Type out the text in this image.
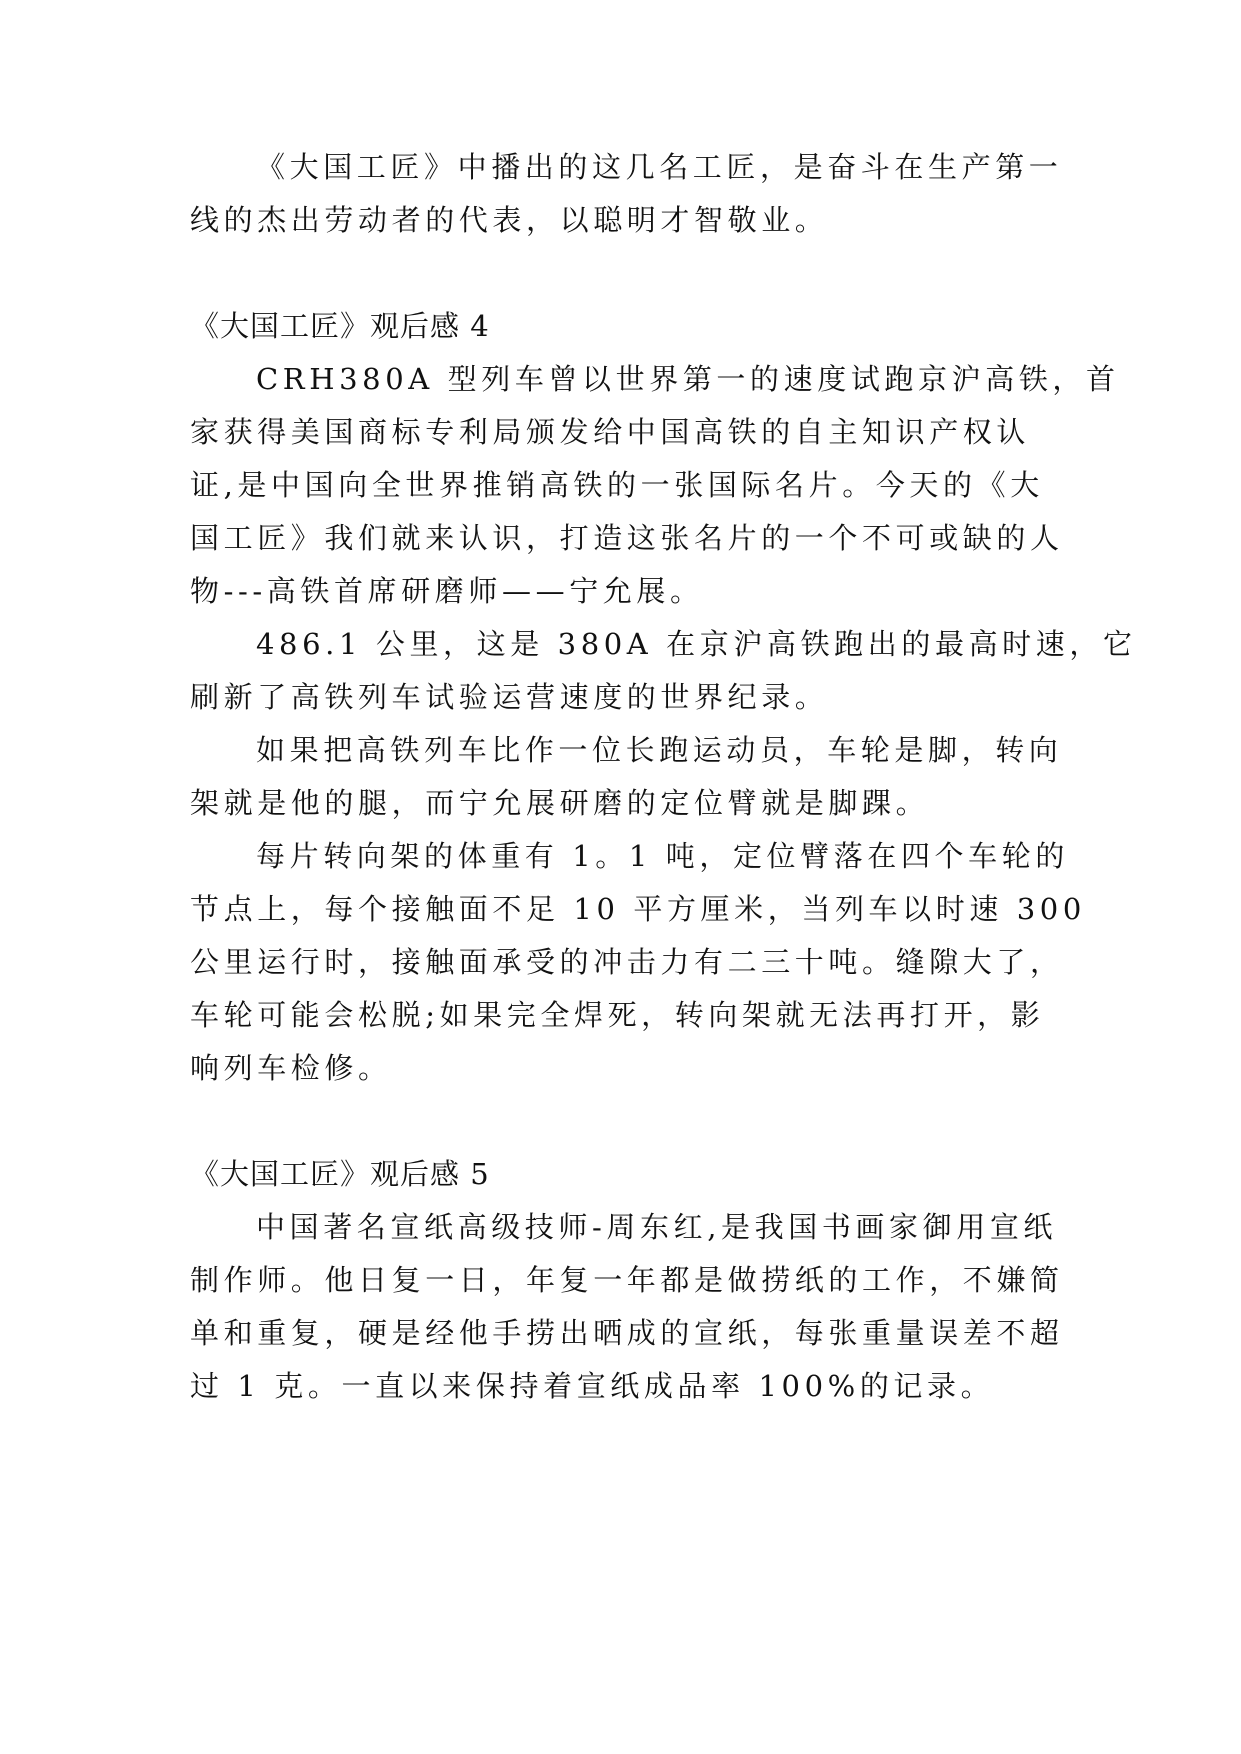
《大国工匠》中播出的这几名工匠，是奋斗在生产第一
线的杰出劳动者的代表，以聪明才智敬业。
《大国工匠》观后感 4
CRH380A 型列车曾以世界第一的速度试跑京沪高铁，首
家获得美国商标专利局颁发给中国高铁的自主知识产权认
证,是中国向全世界推销高铁的一张国际名片。今天的《大
国工匠》我们就来认识，打造这张名片的一个不可或缺的人
物---高铁首席研磨师——宁允展。
486.1 公里，这是 380A 在京沪高铁跑出的最高时速，它
刷新了高铁列车试验运营速度的世界纪录。
如果把高铁列车比作一位长跑运动员，车轮是脚，转向
架就是他的腿，而宁允展研磨的定位臂就是脚踝。
每片转向架的体重有 1。1 吨，定位臂落在四个车轮的
节点上，每个接触面不足 10 平方厘米，当列车以时速 300
公里运行时，接触面承受的冲击力有二三十吨。缝隙大了，
车轮可能会松脱;如果完全焊死，转向架就无法再打开，影
响列车检修。
《大国工匠》观后感 5
中国著名宣纸高级技师-周东红,是我国书画家御用宣纸
制作师。他日复一日，年复一年都是做捞纸的工作，不嫌简
单和重复，硬是经他手捞出晒成的宣纸，每张重量误差不超
过 1 克。一直以来保持着宣纸成品率 100%的记录。
